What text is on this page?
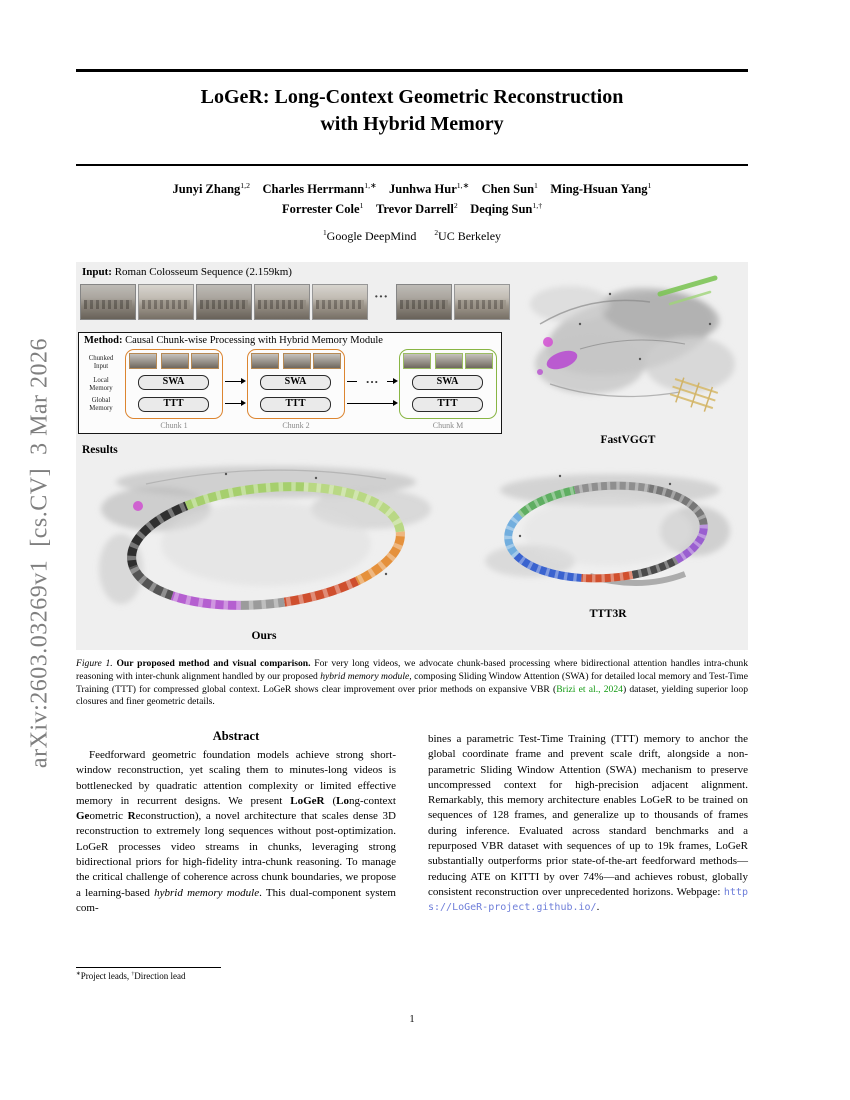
arXiv:2603.03269v1  [cs.CV]  3 Mar 2026
LoGeR: Long-Context Geometric Reconstruction
with Hybrid Memory
Junyi Zhang$^{1,2}$ Charles Herrmann$^{1,∗}$ Junhwa Hur$^{1,∗}$ Chen Sun$^1$ Ming-Hsuan Yang$^1$
Forrester Cole$^1$ Trevor Darrell$^2$ Deqing Sun$^{1,\dagger}$
$^1$Google DeepMind $^2$UC Berkeley
Input: Roman Colosseum Sequence (2.159km)
···
FastVGGT
Method: Causal Chunk-wise Processing with Hybrid Memory Module
Chunked
Input
Local
Memory
Global
Memory
SWA
TTT
SWA
TTT
SWA
TTT
···
Chunk 1	Chunk 2	Chunk M
Results
Ours
TTT3R
Figure 1. Our proposed method and visual comparison. For very long videos, we advocate chunk-based processing where bidirectional attention handles intra-chunk reasoning with inter-chunk alignment handled by our proposed hybrid memory module, composing Sliding Window Attention (SWA) for detailed local memory and Test-Time Training (TTT) for compressed global context. LoGeR shows clear improvement over prior methods on expansive VBR (Brizi et al., 2024) dataset, yielding superior loop closures and finer geometric details.
Abstract
Feedforward geometric foundation models achieve strong short-window reconstruction, yet scaling them to minutes-long videos is bottlenecked by quadratic attention complexity or limited effective memory in recurrent designs. We present LoGeR (Long-context Geometric Reconstruction), a novel architecture that scales dense 3D reconstruction to extremely long sequences without post-optimization. LoGeR processes video streams in chunks, leveraging strong bidirectional priors for high-fidelity intra-chunk reasoning. To manage the critical challenge of coherence across chunk boundaries, we propose a learning-based hybrid memory module. This dual-component system com-
bines a parametric Test-Time Training (TTT) memory to anchor the global coordinate frame and prevent scale drift, alongside a non-parametric Sliding Window Attention (SWA) mechanism to preserve uncompressed context for high-precision adjacent alignment. Remarkably, this memory architecture enables LoGeR to be trained on sequences of 128 frames, and generalize up to thousands of frames during inference. Evaluated across standard benchmarks and a repurposed VBR dataset with sequences of up to 19k frames, LoGeR substantially outperforms prior state-of-the-art feedforward methods—reducing ATE on KITTI by over 74%—and achieves robust, globally consistent reconstruction over unprecedented horizons. Webpage: https://LoGeR-project.github.io/.
∗Project leads, †Direction lead
1
